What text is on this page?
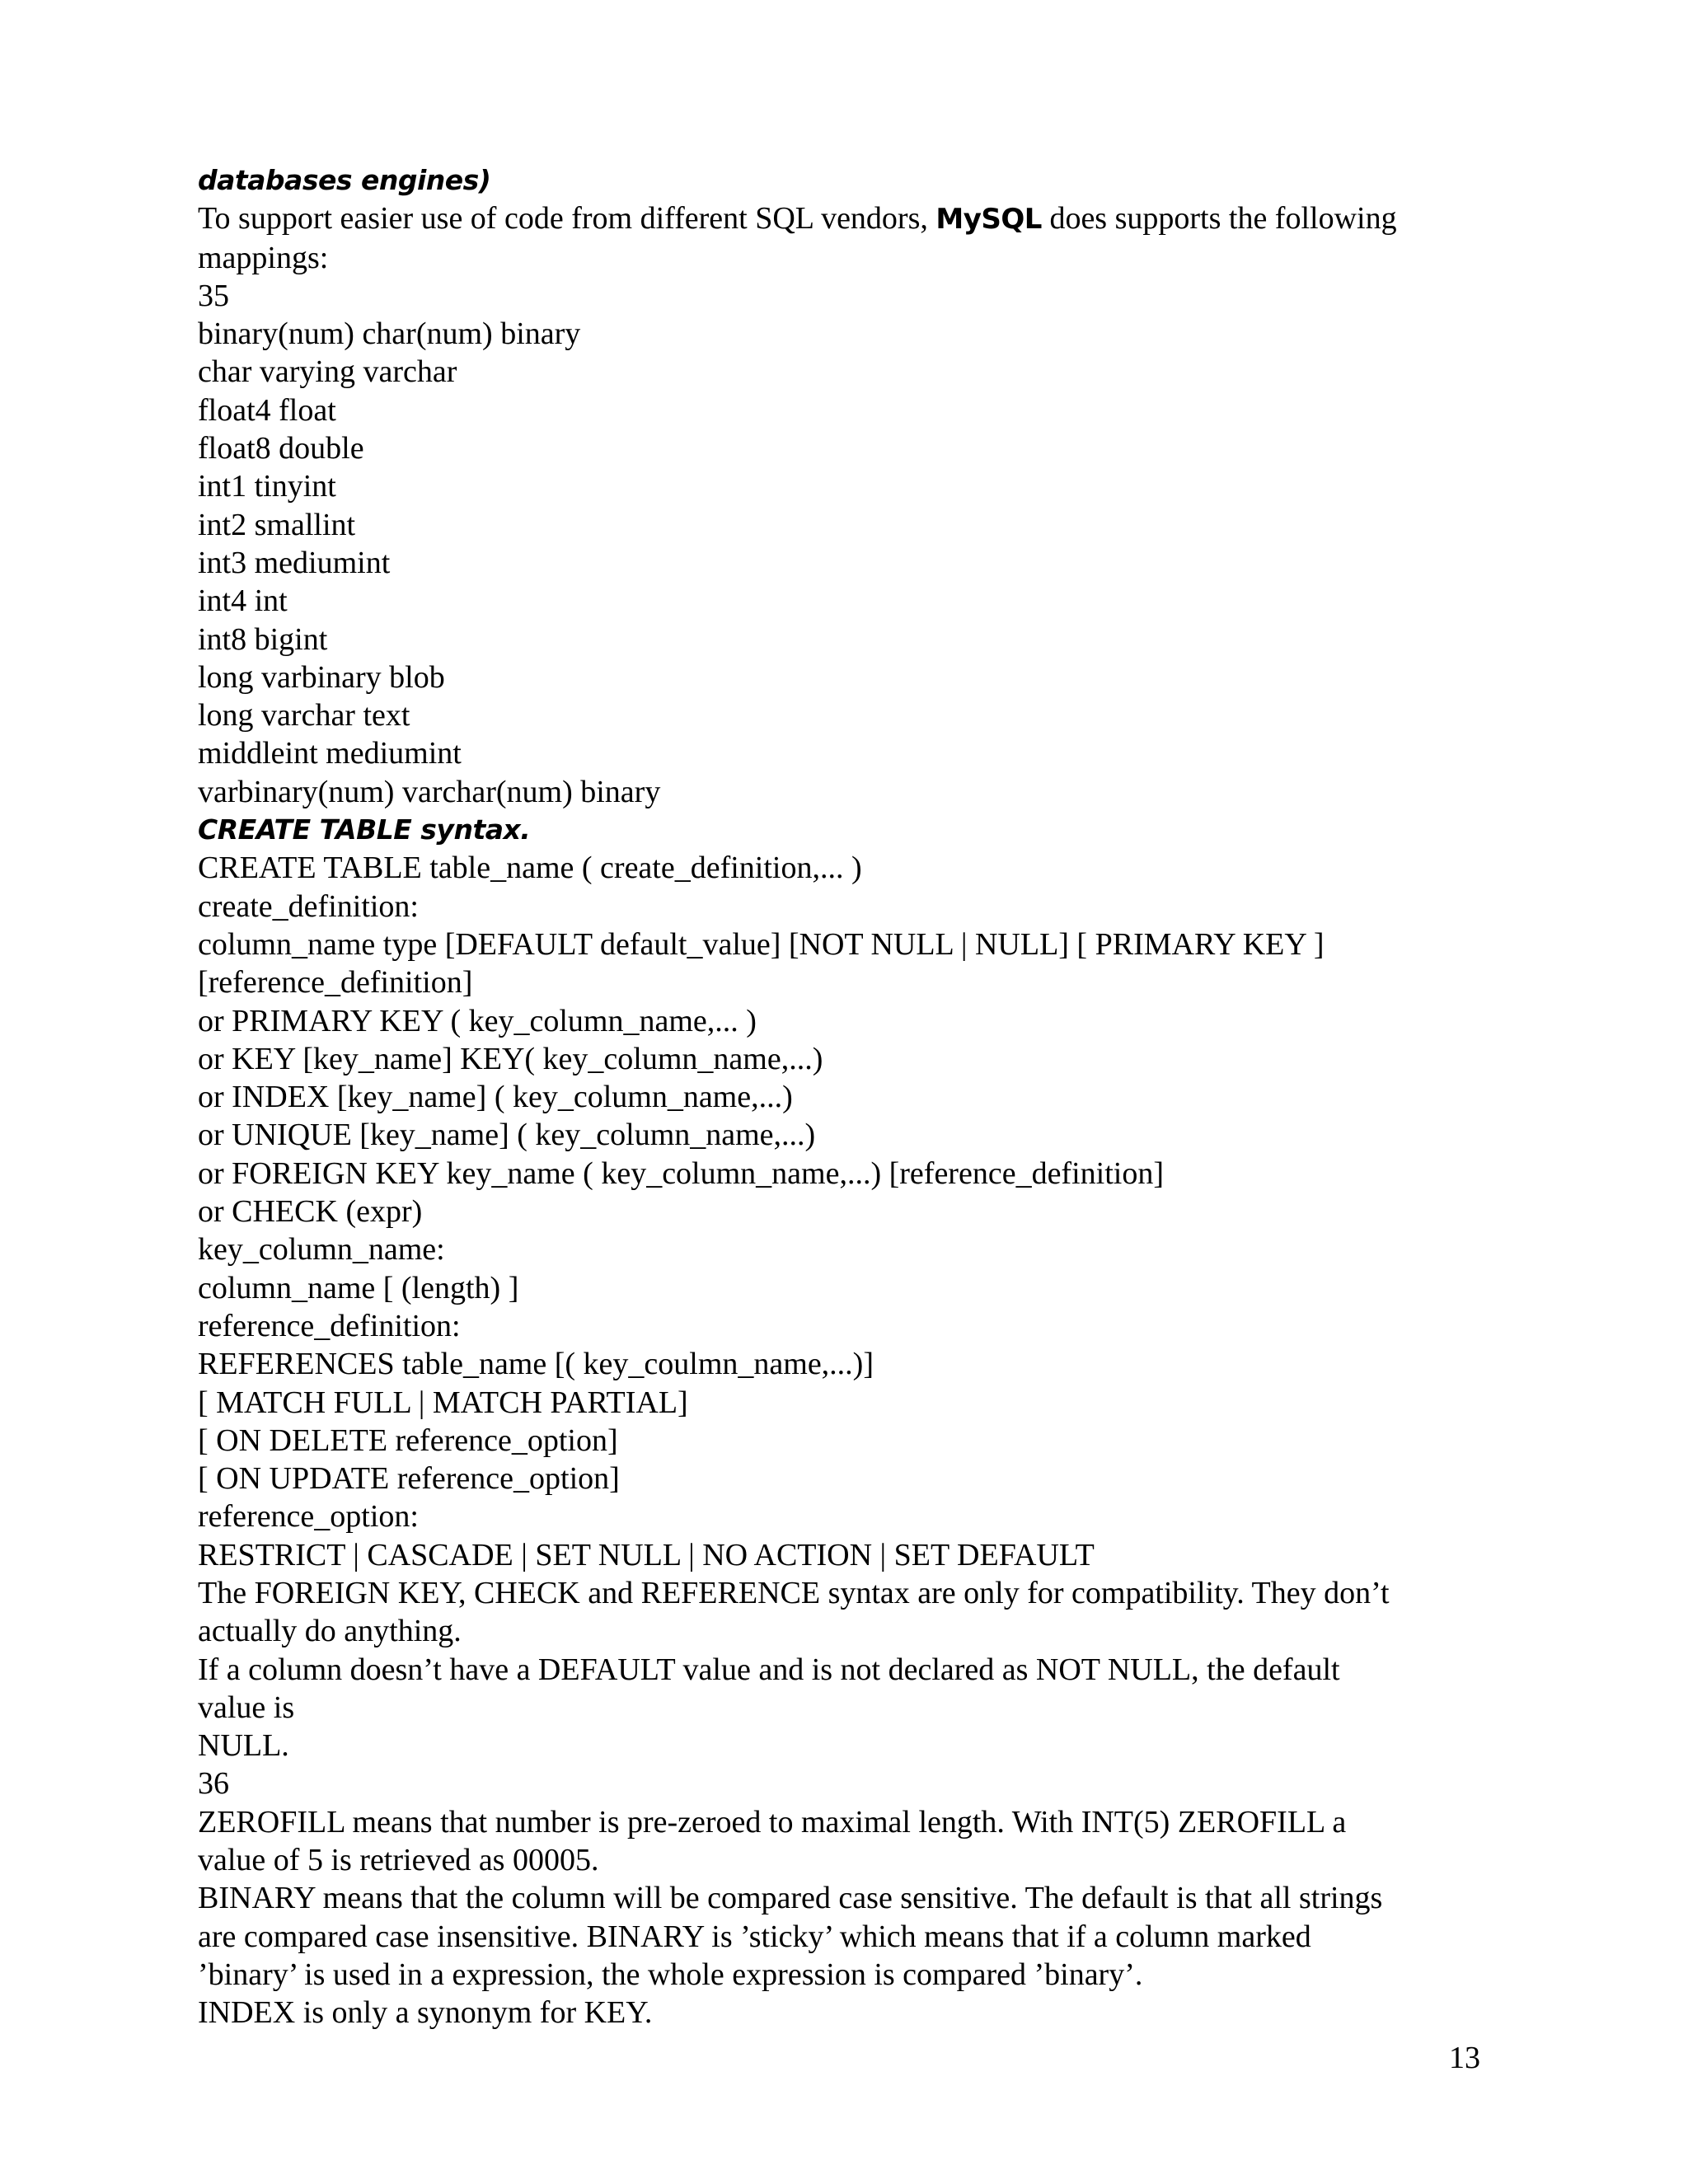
databases engines)

To support easier use of code from different SQL vendors, MySQL does supports the following

mappings:

35

binary(num) char(num) binary

char varying varchar

float4 float

float8 double

int1 tinyint

int2 smallint

int3 mediumint

int4 int

int8 bigint

long varbinary blob

long varchar text

middleint mediumint

varbinary(num) varchar(num) binary

CREATE TABLE syntax.

CREATE TABLE table_name ( create_definition,... )

create_definition:

column_name type [DEFAULT default_value] [NOT NULL | NULL] [ PRIMARY KEY ]

[reference_definition]

or PRIMARY KEY ( key_column_name,... )

or KEY [key_name] KEY( key_column_name,...)

or INDEX [key_name] ( key_column_name,...)

or UNIQUE [key_name] ( key_column_name,...)

or FOREIGN KEY key_name ( key_column_name,...) [reference_definition]

or CHECK (expr)

key_column_name:

column_name [ (length) ]

reference_definition:

REFERENCES table_name [( key_coulmn_name,...)]

[ MATCH FULL | MATCH PARTIAL]

[ ON DELETE reference_option]

[ ON UPDATE reference_option]

reference_option:

RESTRICT | CASCADE | SET NULL | NO ACTION | SET DEFAULT

The FOREIGN KEY, CHECK and REFERENCE syntax are only for compatibility. They don’t

actually do anything.

If a column doesn’t have a DEFAULT value and is not declared as NOT NULL, the default

value is

NULL.

36

ZEROFILL means that number is pre-zeroed to maximal length. With INT(5) ZEROFILL a

value of 5 is retrieved as 00005.

BINARY means that the column will be compared case sensitive. The default is that all strings

are compared case insensitive. BINARY is ’sticky’ which means that if a column marked

’binary’ is used in a expression, the whole expression is compared ’binary’.

INDEX is only a synonym for KEY.

13
